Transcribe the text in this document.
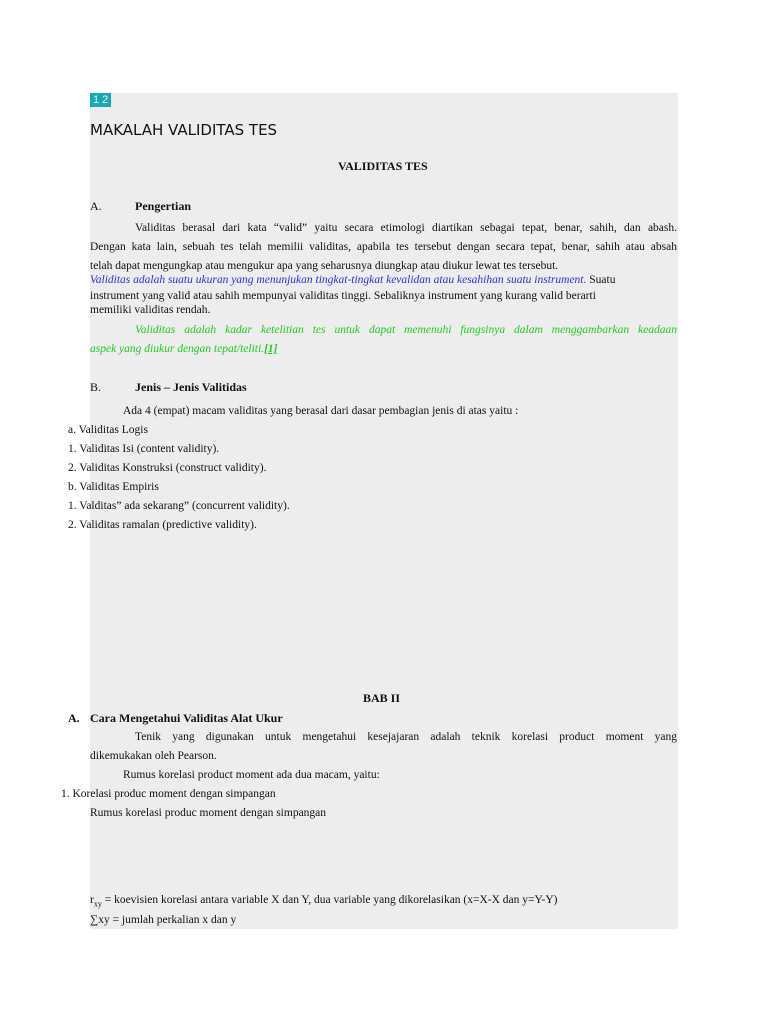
1 2
MAKALAH VALIDITAS TES
VALIDITAS TES
A.	Pengertian
Validitas berasal dari kata “valid” yaitu secara etimologi diartikan sebagai tepat, benar, sahih, dan abash.
Dengan kata lain, sebuah tes telah memilii validitas, apabila tes tersebut dengan secara tepat, benar, sahih atau absah
telah dapat mengungkap atau mengukur apa yang seharusnya diungkap atau diukur lewat tes tersebut.
Validitas adalah suatu ukuran yang menunjukan tingkat-tingkat kevalidan atau kesahihan suatu instrument. Suatu
instrument yang valid atau sahih mempunyai validitas tinggi. Sebaliknya instrument yang kurang valid berarti
memiliki validitas rendah.
Validitas adalah kadar ketelitian tes untuk dapat memenuhi fungsinya dalam menggambarkan keadaan
aspek yang diukur dengan tepat/teliti.[1]
B.	Jenis – Jenis Valitidas
Ada 4 (empat) macam validitas yang berasal dari dasar pembagian jenis di atas yaitu :
a. Validitas Logis
1. Validitas Isi (content validity).
2. Validitas Konstruksi (construct validity).
b. Validitas Empiris
1. Valditas” ada sekarang” (concurrent validity).
2. Validitas ramalan (predictive validity).
BAB II
A. Cara Mengetahui Validitas Alat Ukur
Tenik yang digunakan untuk mengetahui kesejajaran adalah teknik korelasi product moment yang
dikemukakan oleh Pearson.
Rumus korelasi product moment ada dua macam, yaitu:
1. Korelasi produc moment dengan simpangan
Rumus korelasi produc moment dengan simpangan
$r_{xy}$ = koevisien korelasi antara variable X dan Y, dua variable yang dikorelasikan (x=X-X dan y=Y-Y)
∑xy = jumlah perkalian x dan y
